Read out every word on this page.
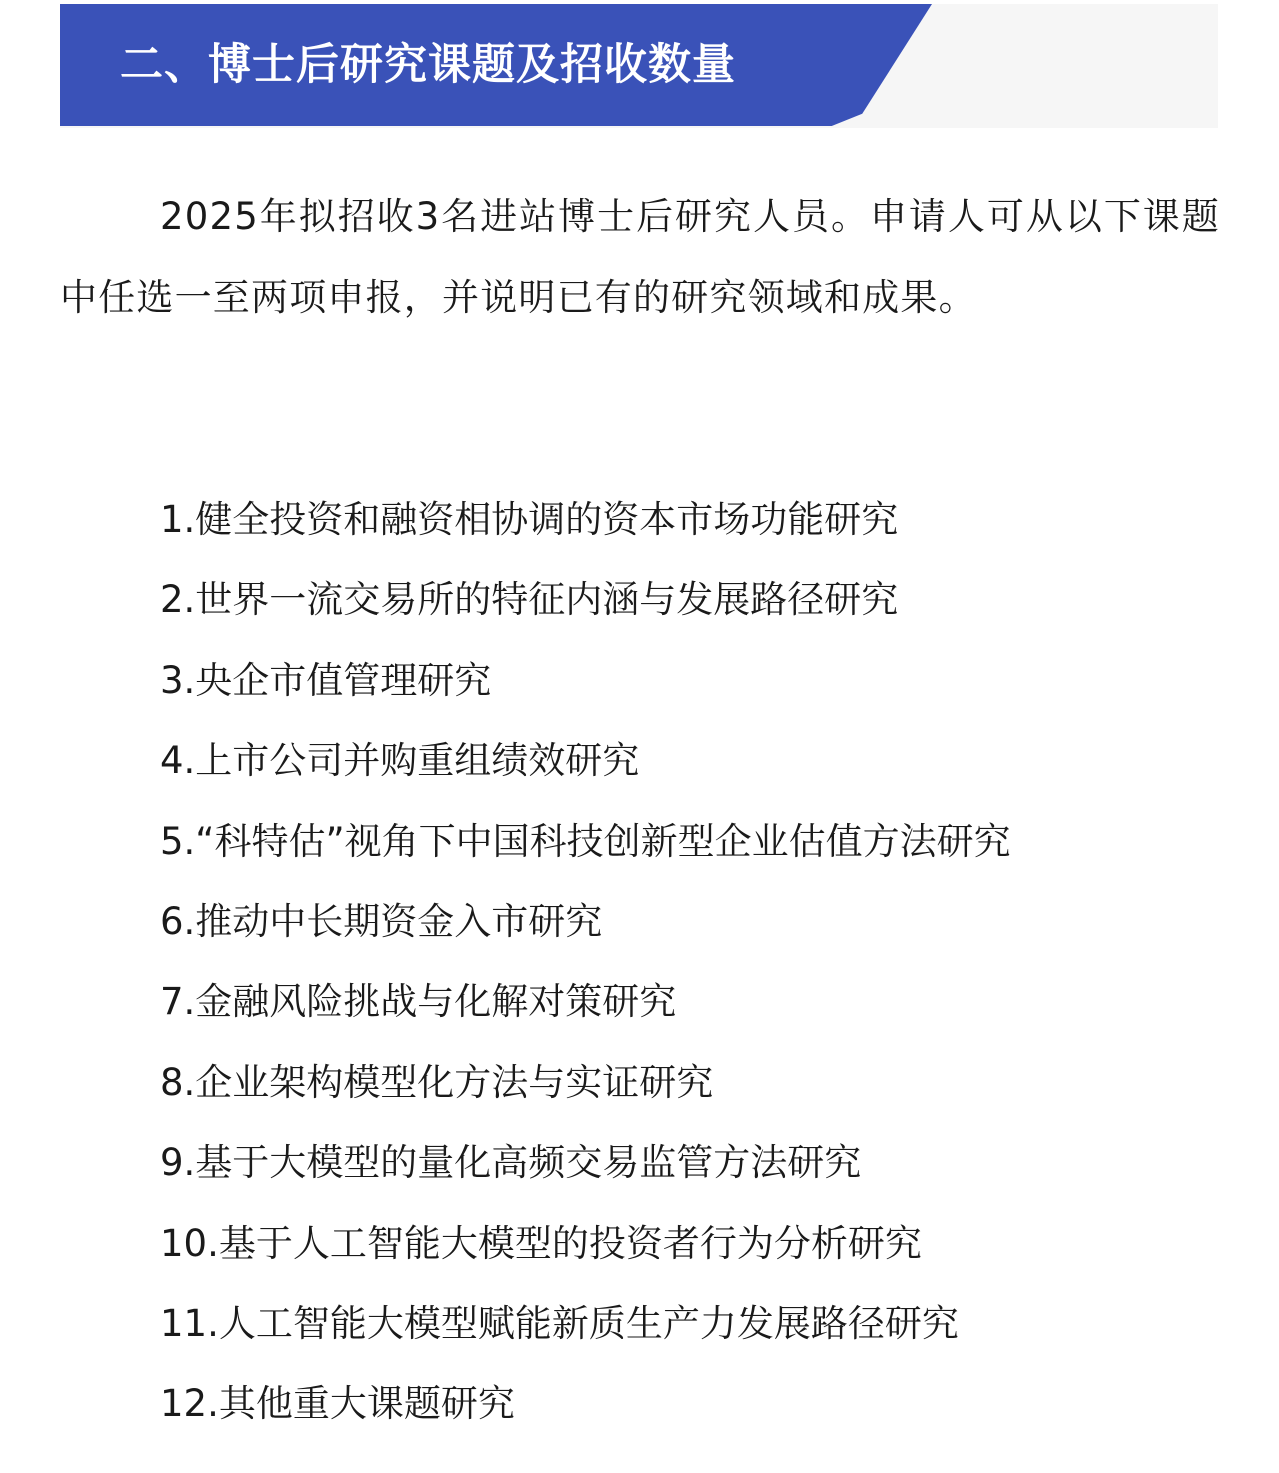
二、博士后研究课题及招收数量

2025年拟招收3名进站博士后研究人员。申请人可从以下课题中任选一至两项申报，并说明已有的研究领域和成果。

1.健全投资和融资相协调的资本市场功能研究
2.世界一流交易所的特征内涵与发展路径研究
3.央企市值管理研究
4.上市公司并购重组绩效研究
5.“科特估”视角下中国科技创新型企业估值方法研究
6.推动中长期资金入市研究
7.金融风险挑战与化解对策研究
8.企业架构模型化方法与实证研究
9.基于大模型的量化高频交易监管方法研究
10.基于人工智能大模型的投资者行为分析研究
11.人工智能大模型赋能新质生产力发展路径研究
12.其他重大课题研究
